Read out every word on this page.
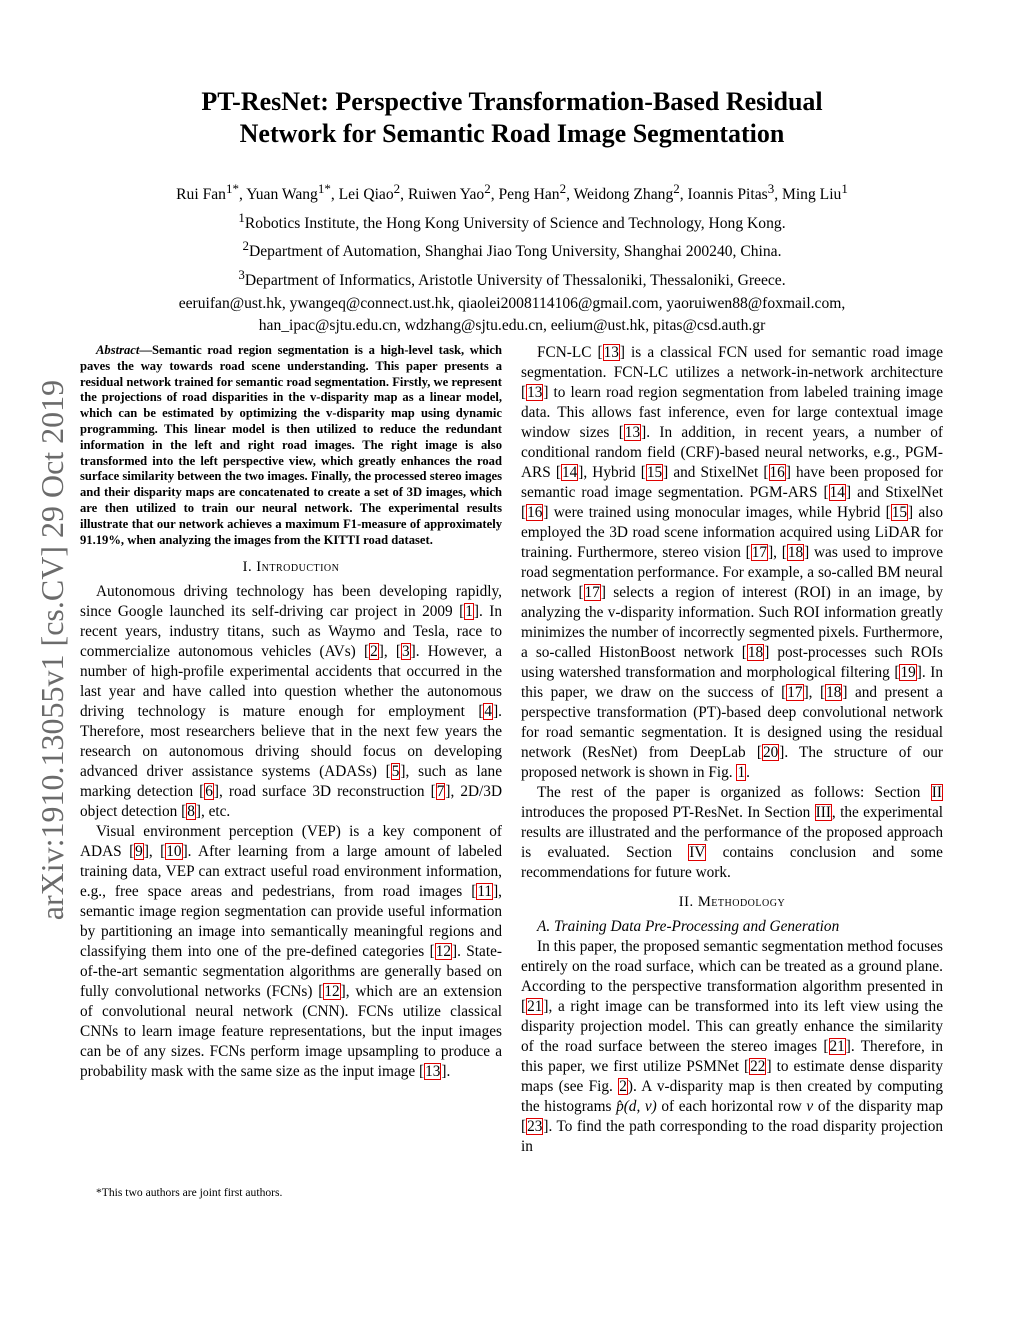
arXiv:1910.13055v1 [cs.CV] 29 Oct 2019
PT-ResNet: Perspective Transformation-Based Residual
Network for Semantic Road Image Segmentation
Rui Fan$^{1*}$, Yuan Wang$^{1*}$, Lei Qiao$^2$, Ruiwen Yao$^2$, Peng Han$^2$, Weidong Zhang$^2$, Ioannis Pitas$^3$, Ming Liu$^1$
$^1$Robotics Institute, the Hong Kong University of Science and Technology, Hong Kong.
$^2$Department of Automation, Shanghai Jiao Tong University, Shanghai 200240, China.
$^3$Department of Informatics, Aristotle University of Thessaloniki, Thessaloniki, Greece.
eeruifan@ust.hk, ywangeq@connect.ust.hk, qiaolei2008114106@gmail.com, yaoruiwen88@foxmail.com,
han_ipac@sjtu.edu.cn, wdzhang@sjtu.edu.cn, eelium@ust.hk, pitas@csd.auth.gr

Abstract—Semantic road region segmentation is a high-level task, which paves the way towards road scene understanding. This paper presents a residual network trained for semantic road segmentation. Firstly, we represent the projections of road disparities in the v-disparity map as a linear model, which can be estimated by optimizing the v-disparity map using dynamic programming. This linear model is then utilized to reduce the redundant information in the left and right road images. The right image is also transformed into the left perspective view, which greatly enhances the road surface similarity between the two images. Finally, the processed stereo images and their disparity maps are concatenated to create a set of 3D images, which are then utilized to train our neural network. The experimental results illustrate that our network achieves a maximum F1-measure of approximately 91.19%, when analyzing the images from the KITTI road dataset.

I. Introduction

Autonomous driving technology has been developing rapidly, since Google launched its self-driving car project in 2009 [1]. In recent years, industry titans, such as Waymo and Tesla, race to commercialize autonomous vehicles (AVs) [2], [3]. However, a number of high-profile experimental accidents that occurred in the last year and have called into question whether the autonomous driving technology is mature enough for employment [4]. Therefore, most researchers believe that in the next few years the research on autonomous driving should focus on developing advanced driver assistance systems (ADASs) [5], such as lane marking detection [6], road surface 3D reconstruction [7], 2D/3D object detection [8], etc.

Visual environment perception (VEP) is a key component of ADAS [9], [10]. After learning from a large amount of labeled training data, VEP can extract useful road environment information, e.g., free space areas and pedestrians, from road images [11], semantic image region segmentation can provide useful information by partitioning an image into semantically meaningful regions and classifying them into one of the pre-defined categories [12]. State-of-the-art semantic segmentation algorithms are generally based on fully convolutional networks (FCNs) [12], which are an extension of convolutional neural network (CNN). FCNs utilize classical CNNs to learn image feature representations, but the input images can be of any sizes. FCNs perform image upsampling to produce a probability mask with the same size as the input image [13].

*This two authors are joint first authors.

FCN-LC [13] is a classical FCN used for semantic road image segmentation. FCN-LC utilizes a network-in-network architecture [13] to learn road region segmentation from labeled training image data. This allows fast inference, even for large contextual image window sizes [13]. In addition, in recent years, a number of conditional random field (CRF)-based neural networks, e.g., PGM-ARS [14], Hybrid [15] and StixelNet [16] have been proposed for semantic road image segmentation. PGM-ARS [14] and StixelNet [16] were trained using monocular images, while Hybrid [15] also employed the 3D road scene information acquired using LiDAR for training. Furthermore, stereo vision [17], [18] was used to improve road segmentation performance. For example, a so-called BM neural network [17] selects a region of interest (ROI) in an image, by analyzing the v-disparity information. Such ROI information greatly minimizes the number of incorrectly segmented pixels. Furthermore, a so-called HistonBoost network [18] post-processes such ROIs using watershed transformation and morphological filtering [19]. In this paper, we draw on the success of [17], [18] and present a perspective transformation (PT)-based deep convolutional network for road semantic segmentation. It is designed using the residual network (ResNet) from DeepLab [20]. The structure of our proposed network is shown in Fig. 1.

The rest of the paper is organized as follows: Section II introduces the proposed PT-ResNet. In Section III, the experimental results are illustrated and the performance of the proposed approach is evaluated. Section IV contains conclusion and some recommendations for future work.

II. Methodology

A. Training Data Pre-Processing and Generation

In this paper, the proposed semantic segmentation method focuses entirely on the road surface, which can be treated as a ground plane. According to the perspective transformation algorithm presented in [21], a right image can be transformed into its left view using the disparity projection model. This can greatly enhance the similarity of the road surface between the stereo images [21]. Therefore, in this paper, we first utilize PSMNet [22] to estimate dense disparity maps (see Fig. 2). A v-disparity map is then created by computing the histograms p̂(d, v) of each horizontal row v of the disparity map [23]. To find the path corresponding to the road disparity projection in
